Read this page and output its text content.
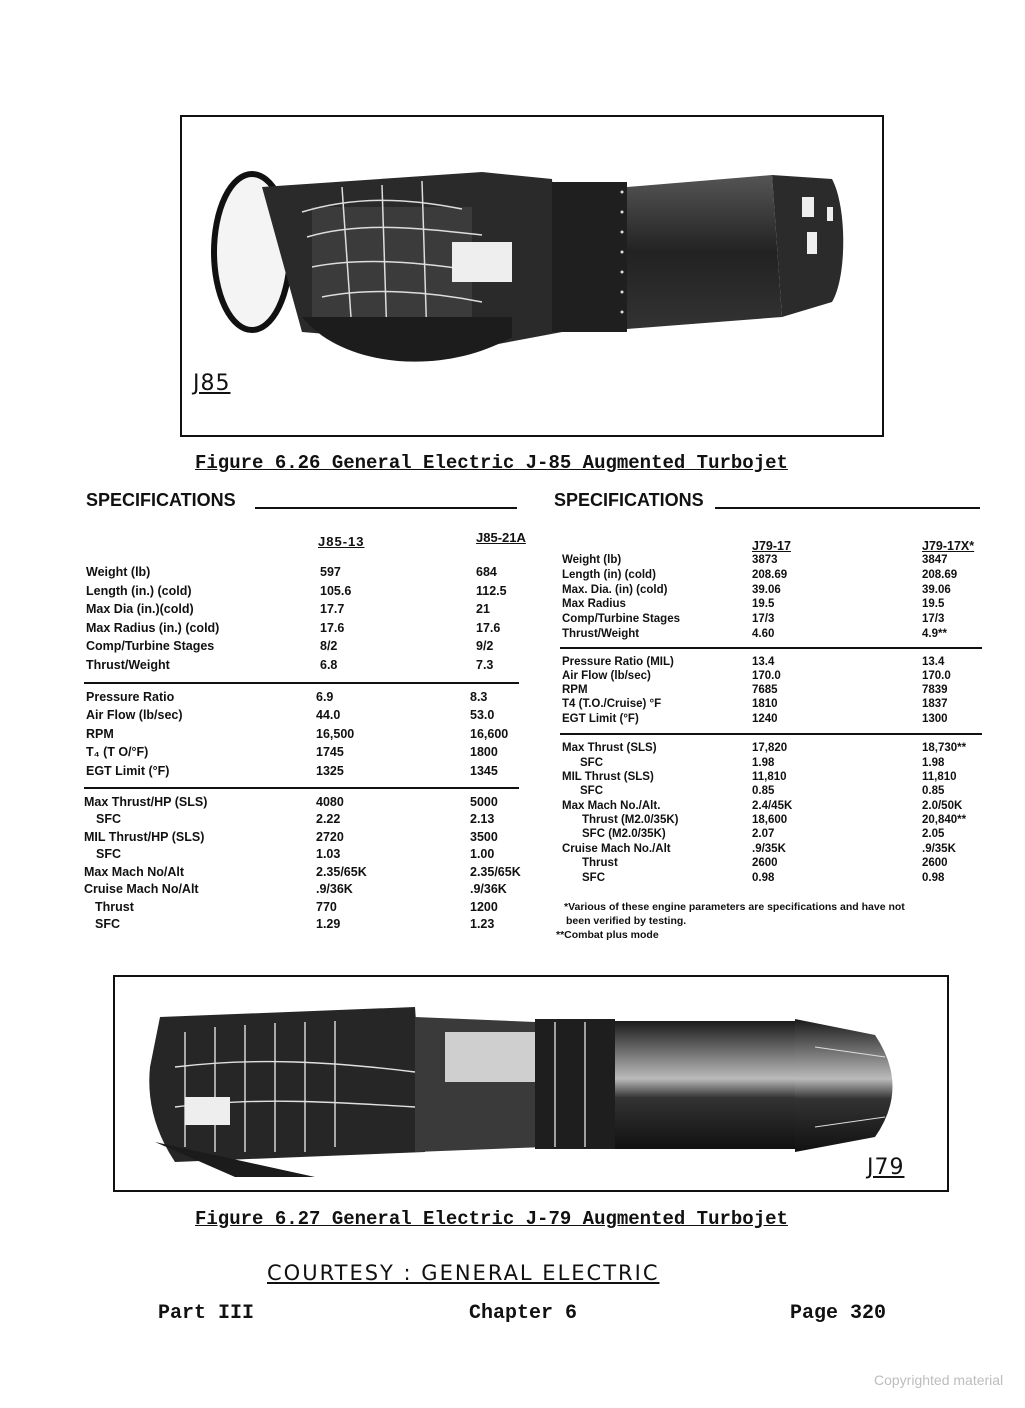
J85
Figure 6.26 General Electric J-85 Augmented Turbojet
SPECIFICATIONS
J85-13	J85-21A
Weight (lb)	597	684
Length (in.) (cold)	105.6	112.5
Max Dia (in.)(cold)	17.7	21
Max Radius (in.) (cold)	17.6	17.6
Comp/Turbine Stages	8/2	9/2
Thrust/Weight	6.8	7.3
Pressure Ratio	6.9	8.3
Air Flow (lb/sec)	44.0	53.0
RPM	16,500	16,600
T₄ (T O/°F)	1745	1800
EGT Limit (°F)	1325	1345
Max Thrust/HP (SLS)	4080	5000
SFC	2.22	2.13
MIL Thrust/HP (SLS)	2720	3500
SFC	1.03	1.00
Max Mach No/Alt	2.35/65K	2.35/65K
Cruise Mach No/Alt	.9/36K	.9/36K
Thrust	770	1200
SFC	1.29	1.23
SPECIFICATIONS
J79-17	J79-17X*
Weight (lb)	3873	3847
Length (in) (cold)	208.69	208.69
Max. Dia. (in) (cold)	39.06	39.06
Max Radius	19.5	19.5
Comp/Turbine Stages	17/3	17/3
Thrust/Weight	4.60	4.9**
Pressure Ratio (MIL)	13.4	13.4
Air Flow (lb/sec)	170.0	170.0
RPM	7685	7839
T4 (T.O./Cruise) °F	1810	1837
EGT Limit (°F)	1240	1300
Max Thrust (SLS)	17,820	18,730**
SFC	1.98	1.98
MIL Thrust (SLS)	11,810	11,810
SFC	0.85	0.85
Max Mach No./Alt.	2.4/45K	2.0/50K
Thrust (M2.0/35K)	18,600	20,840**
SFC (M2.0/35K)	2.07	2.05
Cruise Mach No./Alt	.9/35K	.9/35K
Thrust	2600	2600
SFC	0.98	0.98
*Various of these engine parameters are specifications and have not
been verified by testing.
**Combat plus mode
J79
Figure 6.27 General Electric J-79 Augmented Turbojet
COURTESY : GENERAL ELECTRIC
Part III	Chapter 6	Page 320
Copyrighted material
